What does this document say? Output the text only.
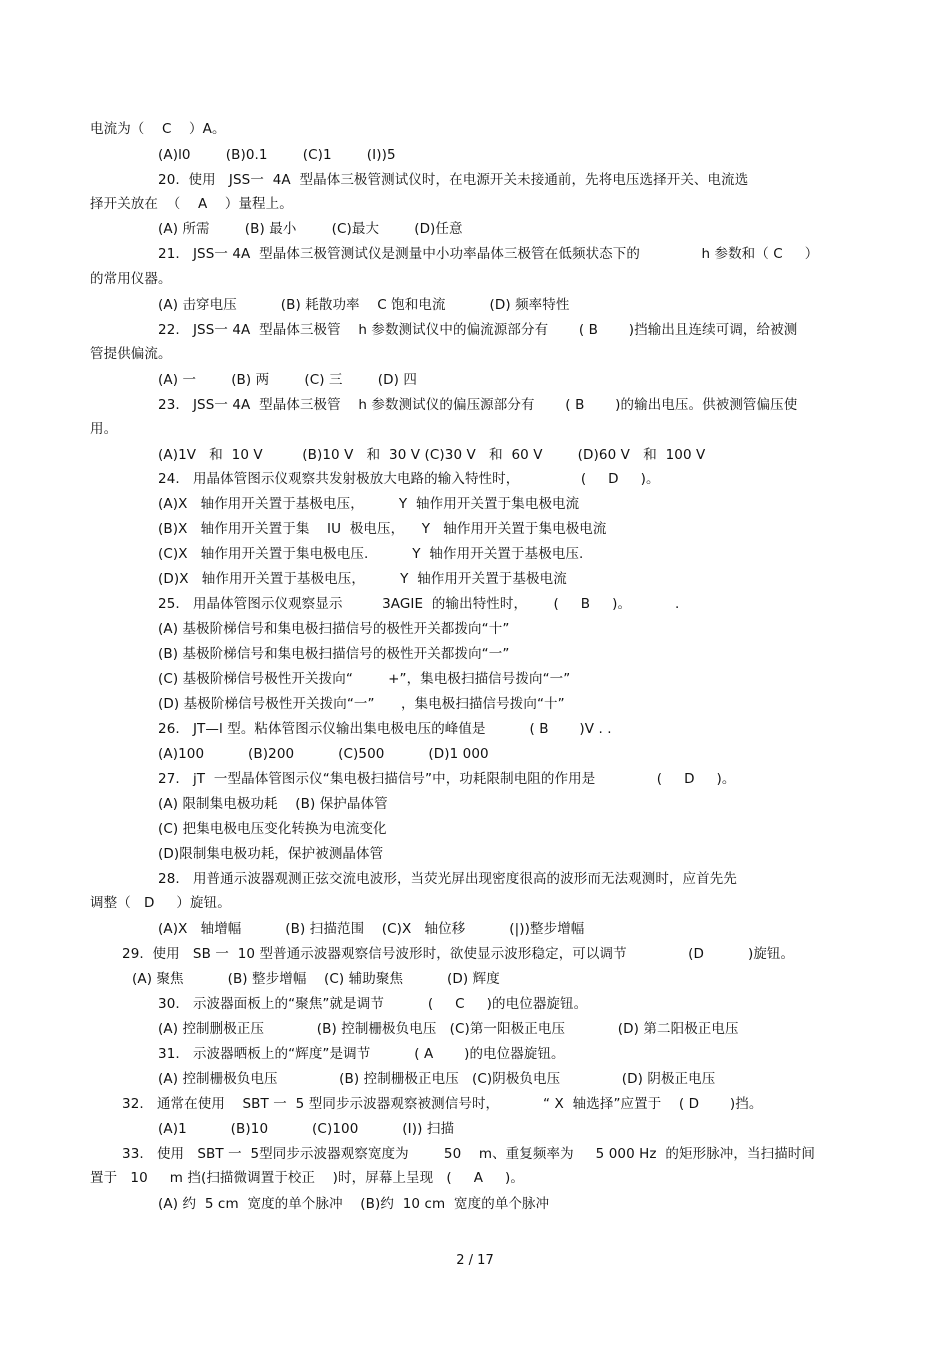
电流为（    C    ）A。
(A)l0        (B)0.1        (C)1        (I))5
20.  使用   JSS一  4A  型晶体三极管测试仪时，在电源开关未接通前，先将电压选择开关、电流选
择开关放在  （    A    ）量程上。
(A) 所需        (B) 最小        (C)最大        (D)任意
21.   JSS一 4A  型晶体三极管测试仪是测量中小功率晶体三极管在低频状态下的              h 参数和（ C     ）
的常用仪器。
(A) 击穿电压          (B) 耗散功率    C 饱和电流          (D) 频率特性
22.   JSS一 4A  型晶体三极管    h 参数测试仪中的偏流源部分有       ( B       )挡输出且连续可调，给被测
管提供偏流。
(A) 一        (B) 两        (C) 三        (D) 四
23.   JSS一 4A  型晶体三极管    h 参数测试仪的偏压源部分有       ( B       )的输出电压。供被测管偏压使
用。
(A)1V   和  10 V         (B)10 V   和  30 V (C)30 V   和  60 V        (D)60 V   和  100 V
24.   用晶体管图示仪观察共发射极放大电路的输入特性时，              (     D     )。
(A)X   轴作用开关置于基极电压，        Y  轴作用开关置于集电极电流
(B)X   轴作用开关置于集    IU  极电压，    Y   轴作用开关置于集电极电流
(C)X   轴作用开关置于集电极电压.          Y  轴作用开关置于基极电压.
(D)X   轴作用开关置于基极电压，        Y  轴作用开关置于基极电流
25.   用晶体管图示仪观察显示         3AGIE  的输出特性时，      (     B     )。          .
(A) 基极阶梯信号和集电极扫描信号的极性开关都拨向“十”
(B) 基极阶梯信号和集电极扫描信号的极性开关都拨向“一”
(C) 基极阶梯信号极性开关拨向“        +”，集电极扫描信号拨向“一”
(D) 基极阶梯信号极性开关拨向“一”      ，集电极扫描信号拨向“十”
26.   JT—l 型。粘体管图示仪输出集电极电压的峰值是          ( B       )V . .
(A)100          (B)200          (C)500          (D)1 000
27.   jT  一型晶体管图示仪“集电极扫描信号”中，功耗限制电阻的作用是              (     D     )。
(A) 限制集电极功耗    (B) 保护晶体管
(C) 把集电极电压变化转换为电流变化
(D)限制集电极功耗，保护被测晶体管
28.   用普通示波器观测正弦交流电波形，当荧光屏出现密度很高的波形而无法观测时，应首先先
调整（   D     ）旋钮。
(A)X   轴增幅          (B) 扫描范围    (C)X   轴位移          (|))整步增幅
29.  使用   SB 一  10 型普通示波器观察信号波形时，欲使显示波形稳定，可以调节              (D          )旋钮。
(A) 聚焦          (B) 整步增幅    (C) 辅助聚焦          (D) 辉度
30.   示波器面板上的“聚焦”就是调节          (     C     )的电位器旋钮。
(A) 控制删极正压            (B) 控制栅极负电压   (C)第一阳极正电压            (D) 第二阳极正电压
31.   示波器晒板上的“辉度”是调节          ( A       )的电位器旋钮。
(A) 控制栅极负电压              (B) 控制栅极正电压   (C)阴极负电压              (D) 阴极正电压
32.   通常在使用    SBT 一  5 型同步示波器观察被测信号时，          “ X  轴选择”应置于    ( D       )挡。
(A)1          (B)10          (C)100          (I)) 扫描
33.   使用   SBT 一  5型同步示波器观察宽度为        50    m、重复频率为     5 000 Hz  的矩形脉冲，当扫描时间
置于   10     m 挡(扫描微调置于校正    )时，屏幕上呈现   (     A     )。
(A) 约  5 cm  宽度的单个脉冲    (B)约  10 cm  宽度的单个脉冲
2 / 17
